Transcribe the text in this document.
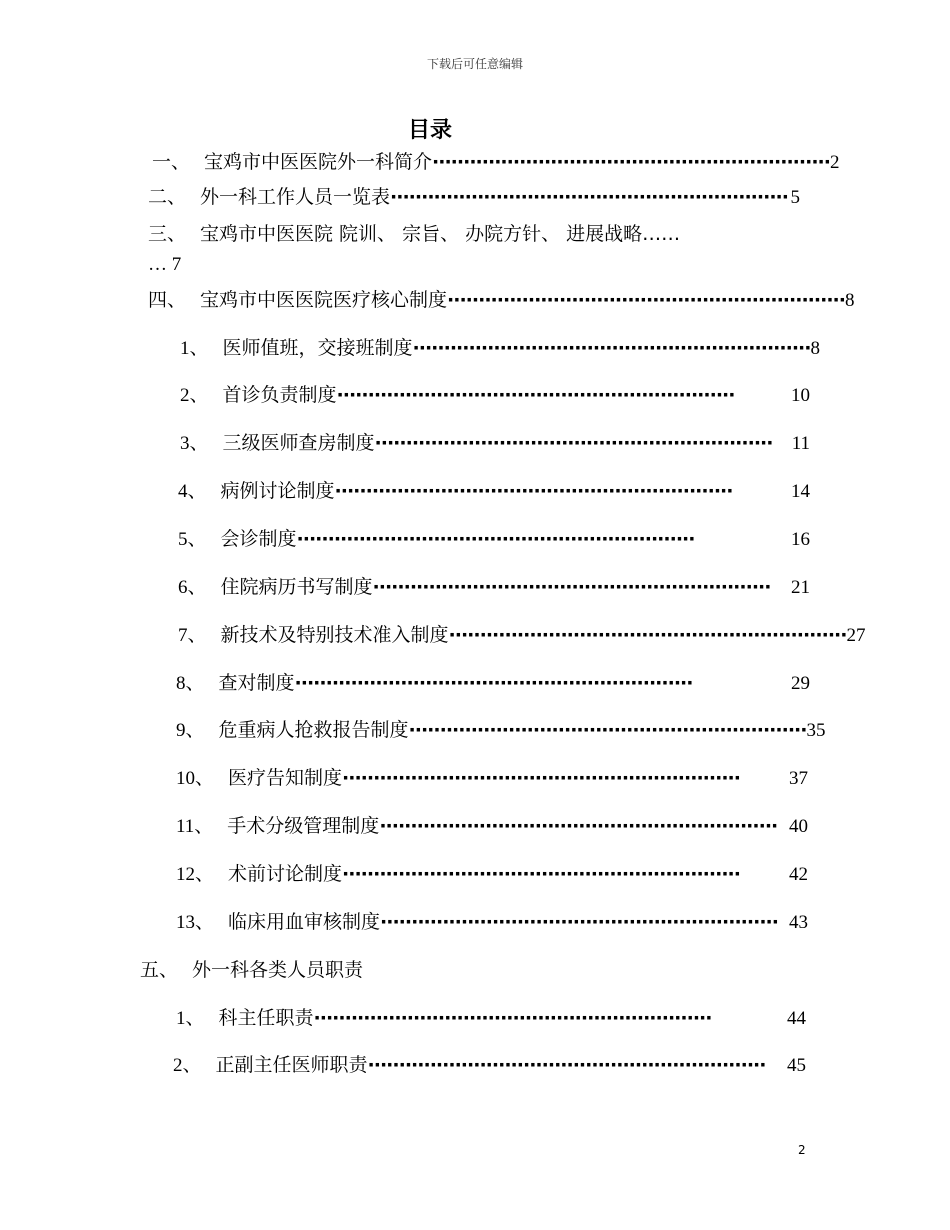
下载后可任意编辑
目录
一、 宝鸡市中医医院外一科简介 ································································ 2
二、 外一科工作人员一览表 ································································ 5
三、 宝鸡市中医医院 院训、 宗旨、 办院方针、 进展战略……
… 7
四、 宝鸡市中医医院医疗核心制度 ································································ 8
1、 医师值班，交接班制度 ································································ 8
2、 首诊负责制度 ································································	10
3、 三级医师查房制度 ································································	11
4、 病例讨论制度 ································································	14
5、 会诊制度 ································································	16
6、 住院病历书写制度 ································································	21
7、 新技术及特别技术准入制度 ································································ 27
8、 查对制度 ································································	29
9、 危重病人抢救报告制度 ································································ 35
10、 医疗告知制度 ································································	37
11、 手术分级管理制度 ································································ 40
12、 术前讨论制度 ································································	42
13、 临床用血审核制度 ································································ 43
五、 外一科各类人员职责
1、 科主任职责 ································································	44
2、 正副主任医师职责 ································································	45
2
